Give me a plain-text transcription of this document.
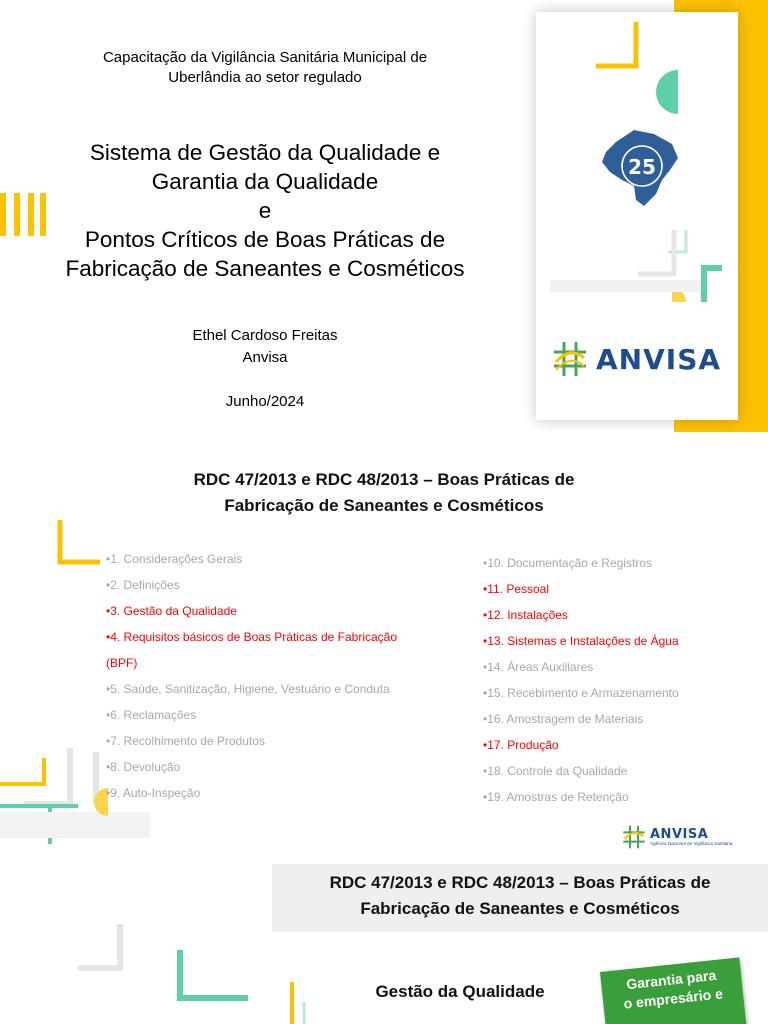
Capacitação da Vigilância Sanitária Municipal de
Uberlândia ao setor regulado
Sistema de Gestão da Qualidade e
Garantia da Qualidade
e
Pontos Críticos de Boas Práticas de
Fabricação de Saneantes e Cosméticos
Ethel Cardoso Freitas
Anvisa
Junho/2024
25
ANVISA
RDC 47/2013 e RDC 48/2013 – Boas Práticas de
Fabricação de Saneantes e Cosméticos
•1. Considerações Gerais
•2. Definições
•3. Gestão da Qualidade
•4. Requisitos básicos de Boas Práticas de Fabricação
(BPF)
•5. Saúde, Sanitização, Higiene, Vestuário e Conduta
•6. Reclamações
•7. Recolhimento de Produtos
•8. Devolução
•9. Auto-Inspeção
•10. Documentação e Registros
•11. Pessoal
•12. Instalações
•13. Sistemas e Instalações de Água
•14. Áreas Auxiliares
•15. Recebimento e Armazenamento
•16. Amostragem de Materiais
•17. Produção
•18. Controle da Qualidade
•19. Amostras de Retenção
ANVISA
Agência Nacional de Vigilância Sanitária
RDC 47/2013 e RDC 48/2013 – Boas Práticas de
Fabricação de Saneantes e Cosméticos
Gestão da Qualidade	Garantia para
o empresário e
